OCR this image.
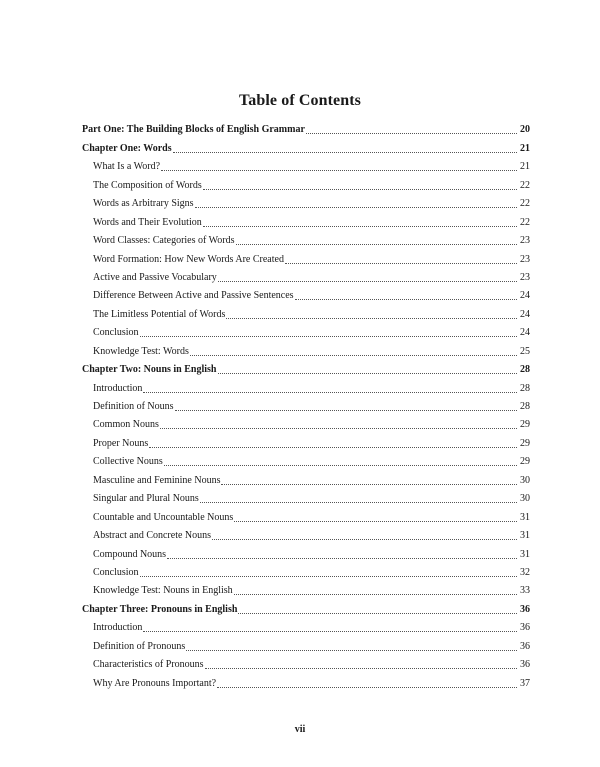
Table of Contents
Part One: The Building Blocks of English Grammar	20
Chapter One: Words	21
What Is a Word?	21
The Composition of Words	22
Words as Arbitrary Signs	22
Words and Their Evolution	22
Word Classes: Categories of Words	23
Word Formation: How New Words Are Created	23
Active and Passive Vocabulary	23
Difference Between Active and Passive Sentences	24
The Limitless Potential of Words	24
Conclusion	24
Knowledge Test: Words	25
Chapter Two: Nouns in English	28
Introduction	28
Definition of Nouns	28
Common Nouns	29
Proper Nouns	29
Collective Nouns	29
Masculine and Feminine Nouns	30
Singular and Plural Nouns	30
Countable and Uncountable Nouns	31
Abstract and Concrete Nouns	31
Compound Nouns	31
Conclusion	32
Knowledge Test: Nouns in English	33
Chapter Three: Pronouns in English	36
Introduction	36
Definition of Pronouns	36
Characteristics of Pronouns	36
Why Are Pronouns Important?	37
vii
